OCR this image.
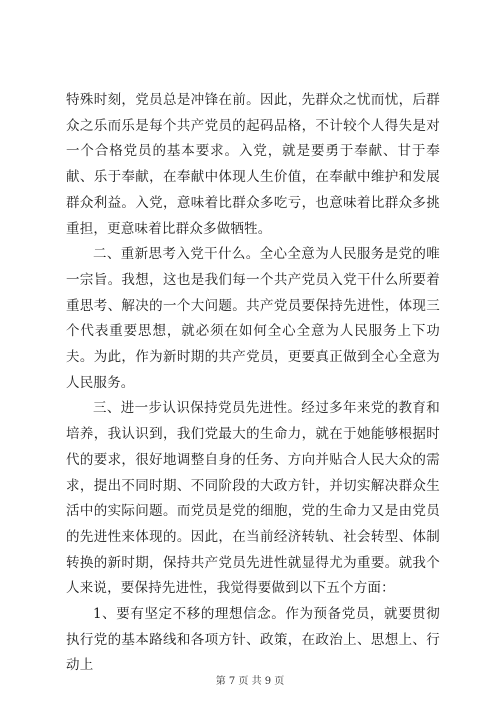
特殊时刻，党员总是冲锋在前。因此，先群众之忧而忧，后群众之乐而乐是每个共产党员的起码品格，不计较个人得失是对一个合格党员的基本要求。入党，就是要勇于奉献、甘于奉献、乐于奉献，在奉献中体现人生价值，在奉献中维护和发展群众利益。入党，意味着比群众多吃亏，也意味着比群众多挑重担，更意味着比群众多做牺牲。

二、重新思考入党干什么。全心全意为人民服务是党的唯一宗旨。我想，这也是我们每一个共产党员入党干什么所要着重思考、解决的一个大问题。共产党员要保持先进性，体现三个代表重要思想，就必须在如何全心全意为人民服务上下功夫。为此，作为新时期的共产党员，更要真正做到全心全意为人民服务。

三、进一步认识保持党员先进性。经过多年来党的教育和培养，我认识到，我们党最大的生命力，就在于她能够根据时代的要求，很好地调整自身的任务、方向并贴合人民大众的需求，提出不同时期、不同阶段的大政方针，并切实解决群众生活中的实际问题。而党员是党的细胞，党的生命力又是由党员的先进性来体现的。因此，在当前经济转轨、社会转型、体制转换的新时期，保持共产党员先进性就显得尤为重要。就我个人来说，要保持先进性，我觉得要做到以下五个方面：

1、要有坚定不移的理想信念。作为预备党员，就要贯彻执行党的基本路线和各项方针、政策，在政治上、思想上、行动上

第 7 页 共 9 页
